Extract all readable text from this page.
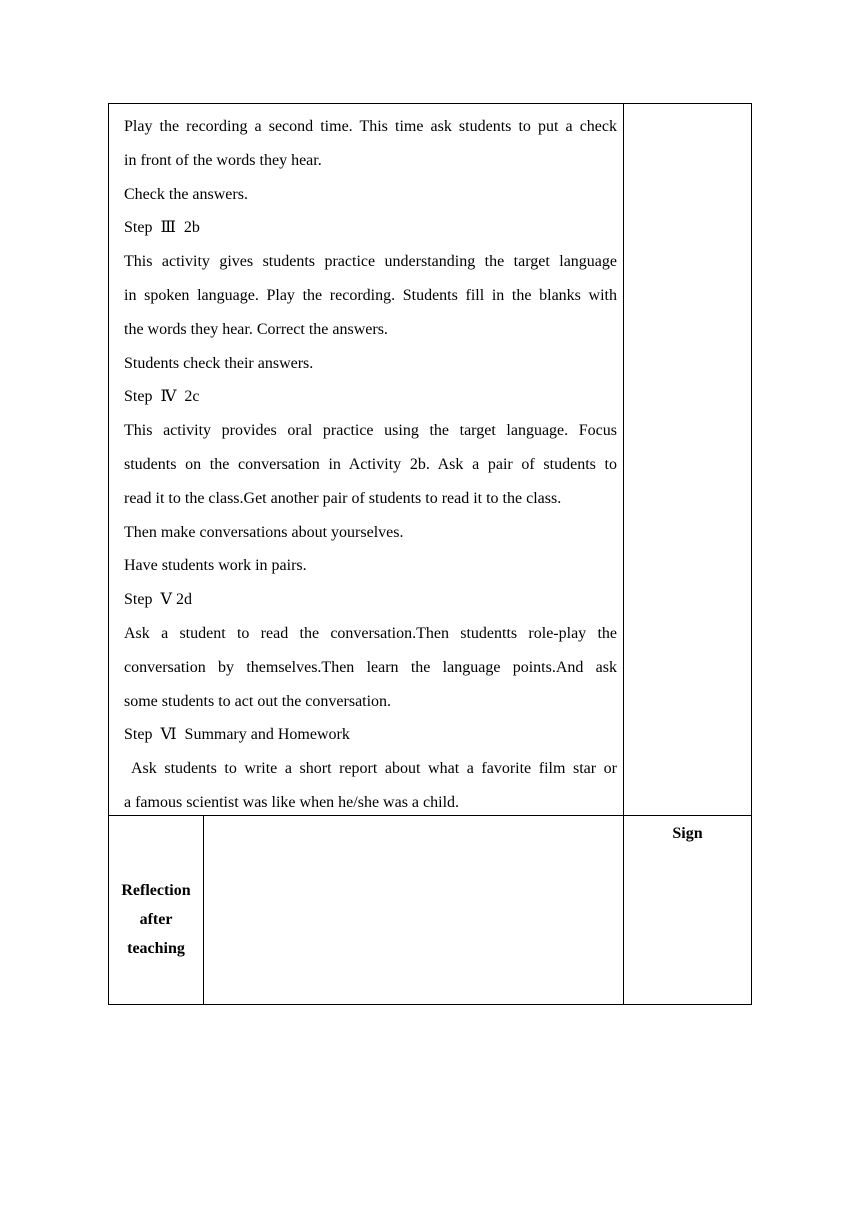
Play the recording a second time. This time ask students to put a check
in front of the words they hear.
Check the answers.
Step  Ⅲ  2b
This activity gives students practice understanding the target language
in spoken language. Play the recording. Students fill in the blanks with
the words they hear. Correct the answers.
Students check their answers.
Step  Ⅳ  2c
This activity provides oral practice using the target language. Focus
students on the conversation in Activity 2b. Ask a pair of students to
read it to the class.Get another pair of students to read it to the class.
Then make conversations about yourselves.
Have students work in pairs.
Step  Ⅴ 2d
Ask a student to read the conversation.Then studentts role-play the
conversation by themselves.Then learn the language points.And ask
some students to act out the conversation.
Step  Ⅵ  Summary and Homework
Ask students to write a short report about what a favorite film star or
a famous scientist was like when he/she was a child.
Reflection
after
teaching
Sign
